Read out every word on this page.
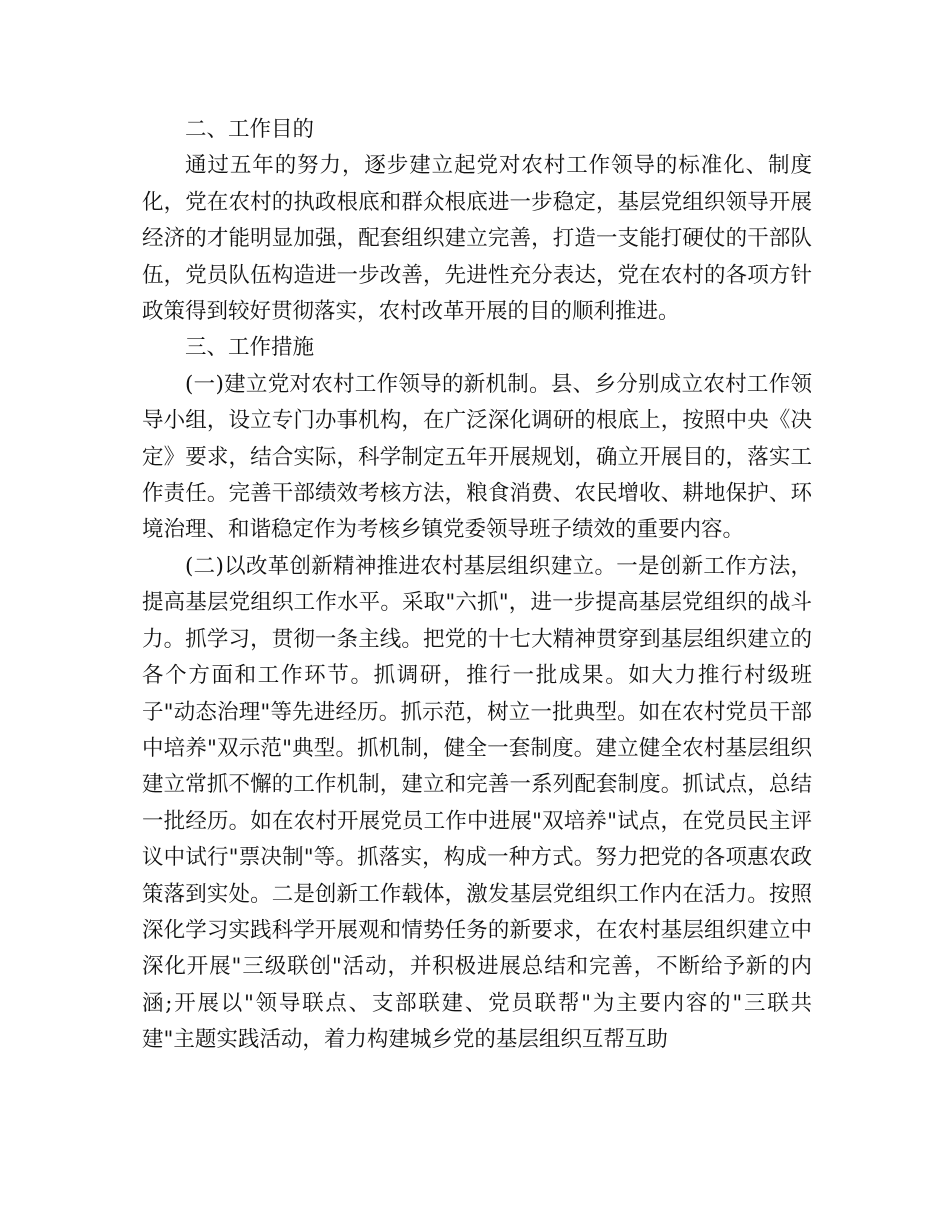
二、工作目的

通过五年的努力，逐步建立起党对农村工作领导的标准化、制度化，党在农村的执政根底和群众根底进一步稳定，基层党组织领导开展经济的才能明显加强，配套组织建立完善，打造一支能打硬仗的干部队伍，党员队伍构造进一步改善，先进性充分表达，党在农村的各项方针政策得到较好贯彻落实，农村改革开展的目的顺利推进。

三、工作措施

(一)建立党对农村工作领导的新机制。县、乡分别成立农村工作领导小组，设立专门办事机构，在广泛深化调研的根底上，按照中央《决定》要求，结合实际，科学制定五年开展规划，确立开展目的，落实工作责任。完善干部绩效考核方法，粮食消费、农民增收、耕地保护、环境治理、和谐稳定作为考核乡镇党委领导班子绩效的重要内容。

(二)以改革创新精神推进农村基层组织建立。一是创新工作方法，提高基层党组织工作水平。采取"六抓"，进一步提高基层党组织的战斗力。抓学习，贯彻一条主线。把党的十七大精神贯穿到基层组织建立的各个方面和工作环节。抓调研，推行一批成果。如大力推行村级班子"动态治理"等先进经历。抓示范，树立一批典型。如在农村党员干部中培养"双示范"典型。抓机制，健全一套制度。建立健全农村基层组织建立常抓不懈的工作机制，建立和完善一系列配套制度。抓试点，总结一批经历。如在农村开展党员工作中进展"双培养"试点，在党员民主评议中试行"票决制"等。抓落实，构成一种方式。努力把党的各项惠农政策落到实处。二是创新工作载体，激发基层党组织工作内在活力。按照深化学习实践科学开展观和情势任务的新要求，在农村基层组织建立中深化开展"三级联创"活动，并积极进展总结和完善，不断给予新的内涵;开展以"领导联点、支部联建、党员联帮"为主要内容的"三联共建"主题实践活动，着力构建城乡党的基层组织互帮互助
